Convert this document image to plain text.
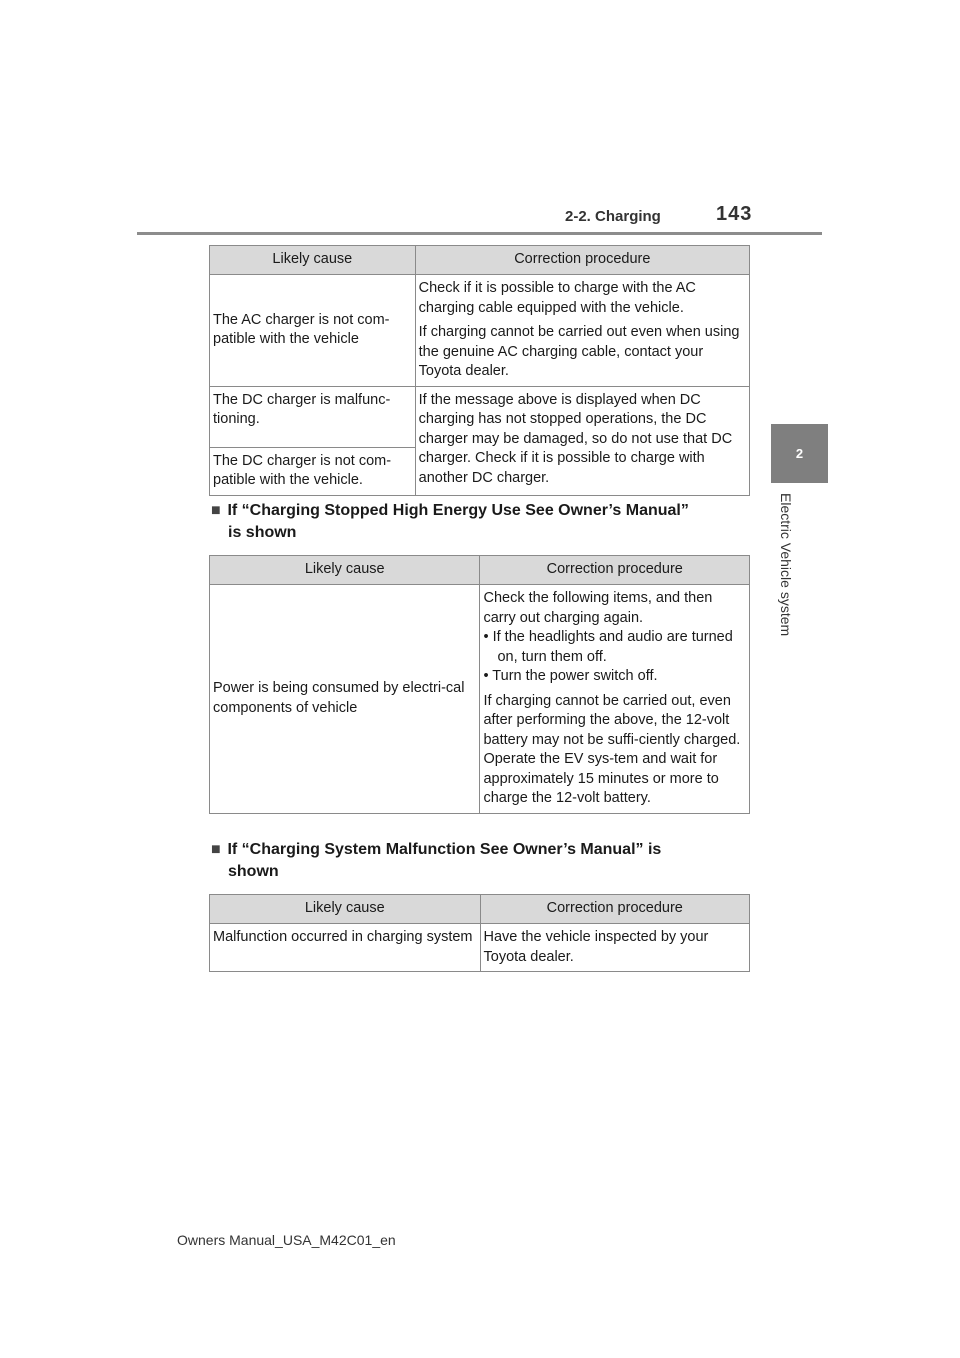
2-2. Charging	143
2
Electric Vehicle system
Likely cause	Correction procedure
The AC charger is not com-patible with the vehicle	Check if it is possible to charge with the AC charging cable equipped with the vehicle.

If charging cannot be carried out even when using the genuine AC charging cable, contact your Toyota dealer.

The DC charger is malfunc-tioning.	If the message above is displayed when DC charging has not stopped operations, the DC charger may be damaged, so do not use that DC charger. Check if it is possible to charge with another DC charger.
The DC charger is not com-patible with the vehicle.	
■ If “Charging Stopped High Energy Use See Owner’s Manual”
is shown
Likely cause	Correction procedure
Power is being consumed by electri-cal components of vehicle	Check the following items, and then carry out charging again.
• If the headlights and audio are turned on, turn them off.
• Turn the power switch off.
If charging cannot be carried out, even after performing the above, the 12-volt battery may not be suffi-ciently charged. Operate the EV sys-tem and wait for approximately 15 minutes or more to charge the 12-volt battery.
■ If “Charging System Malfunction See Owner’s Manual” is
shown
Likely cause	Correction procedure
Malfunction occurred in charging system	Have the vehicle inspected by your Toyota dealer.
Owners Manual_USA_M42C01_en
